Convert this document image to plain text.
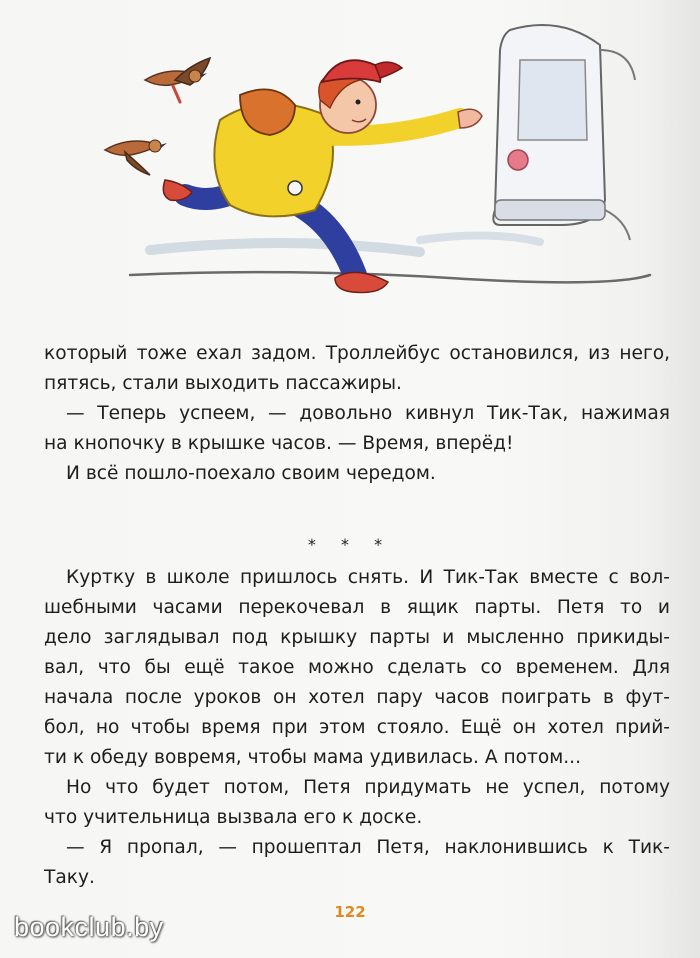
который тоже ехал задом. Троллейбус остановился, из него,
пятясь, стали выходить пассажиры.

— Теперь успеем, — довольно кивнул Тик-Так, нажимая
на кнопочку в крышке часов. — Время, вперёд!

И всё пошло-поехало своим чередом.

* * *

Куртку в школе пришлось снять. И Тик-Так вместе с вол-
шебными часами перекочевал в ящик парты. Петя то и
дело заглядывал под крышку парты и мысленно прикиды-
вал, что бы ещё такое можно сделать со временем. Для
начала после уроков он хотел пару часов поиграть в фут-
бол, но чтобы время при этом стояло. Ещё он хотел прий-
ти к обеду вовремя, чтобы мама удивилась. А потом...

Но что будет потом, Петя придумать не успел, потому
что учительница вызвала его к доске.

— Я пропал, — прошептал Петя, наклонившись к Тик-
Таку.

122
bookclub.by
